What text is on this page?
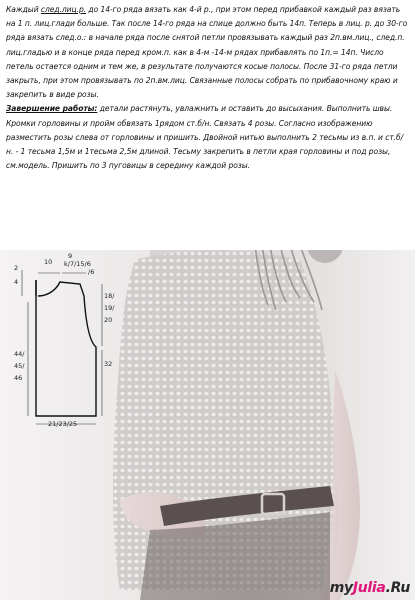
Каждый след.лиц.р. до 14-го ряда вязать как 4-й р., при этом перед прибавкой каждый раз вязать на 1 п. лиц.глади больше. Так после 14-го ряда на спице должно быть 14п. Теперь в лиц. р. до 30-го ряда вязать след.о.: в начале ряда после снятой петли провязывать каждый раз 2п.вм.лиц., след.п. лиц.гладью и в конце ряда перед кром.п. как в 4-м -14-м рядах прибавлять по 1п.= 14п. Число петель остается одним и тем же, в результате получаются косые полосы. После 31-го ряда петли закрыть, при этом провязывать по 2п.вм.лиц. Связанные полосы собрать по прибавочному краю и закрепить в виде розы.
Завершение работы: детали растянуть, увлажнить и оставить до высыхания. Выполнить швы. Кромки горловины и пройм обвязать 1рядом ст.б/н. Связать 4 розы. Согласно изображению разместить розы слева от горловины и пришить. Двойной нитью выполнить 2 тесьмы из в.п. и ст.б/н. - 1 тесьма 1,5м и 1тесьма 2,5м длиной. Тесьму закрепить в петли края горловины и под розы, см.модель. Пришить по 3 пуговицы в середину каждой розы.
2
4
10
9
k/7/15/6
/6
18/
19/
20
44/
45/
46
32
21/23/25
myJulia.Ru
